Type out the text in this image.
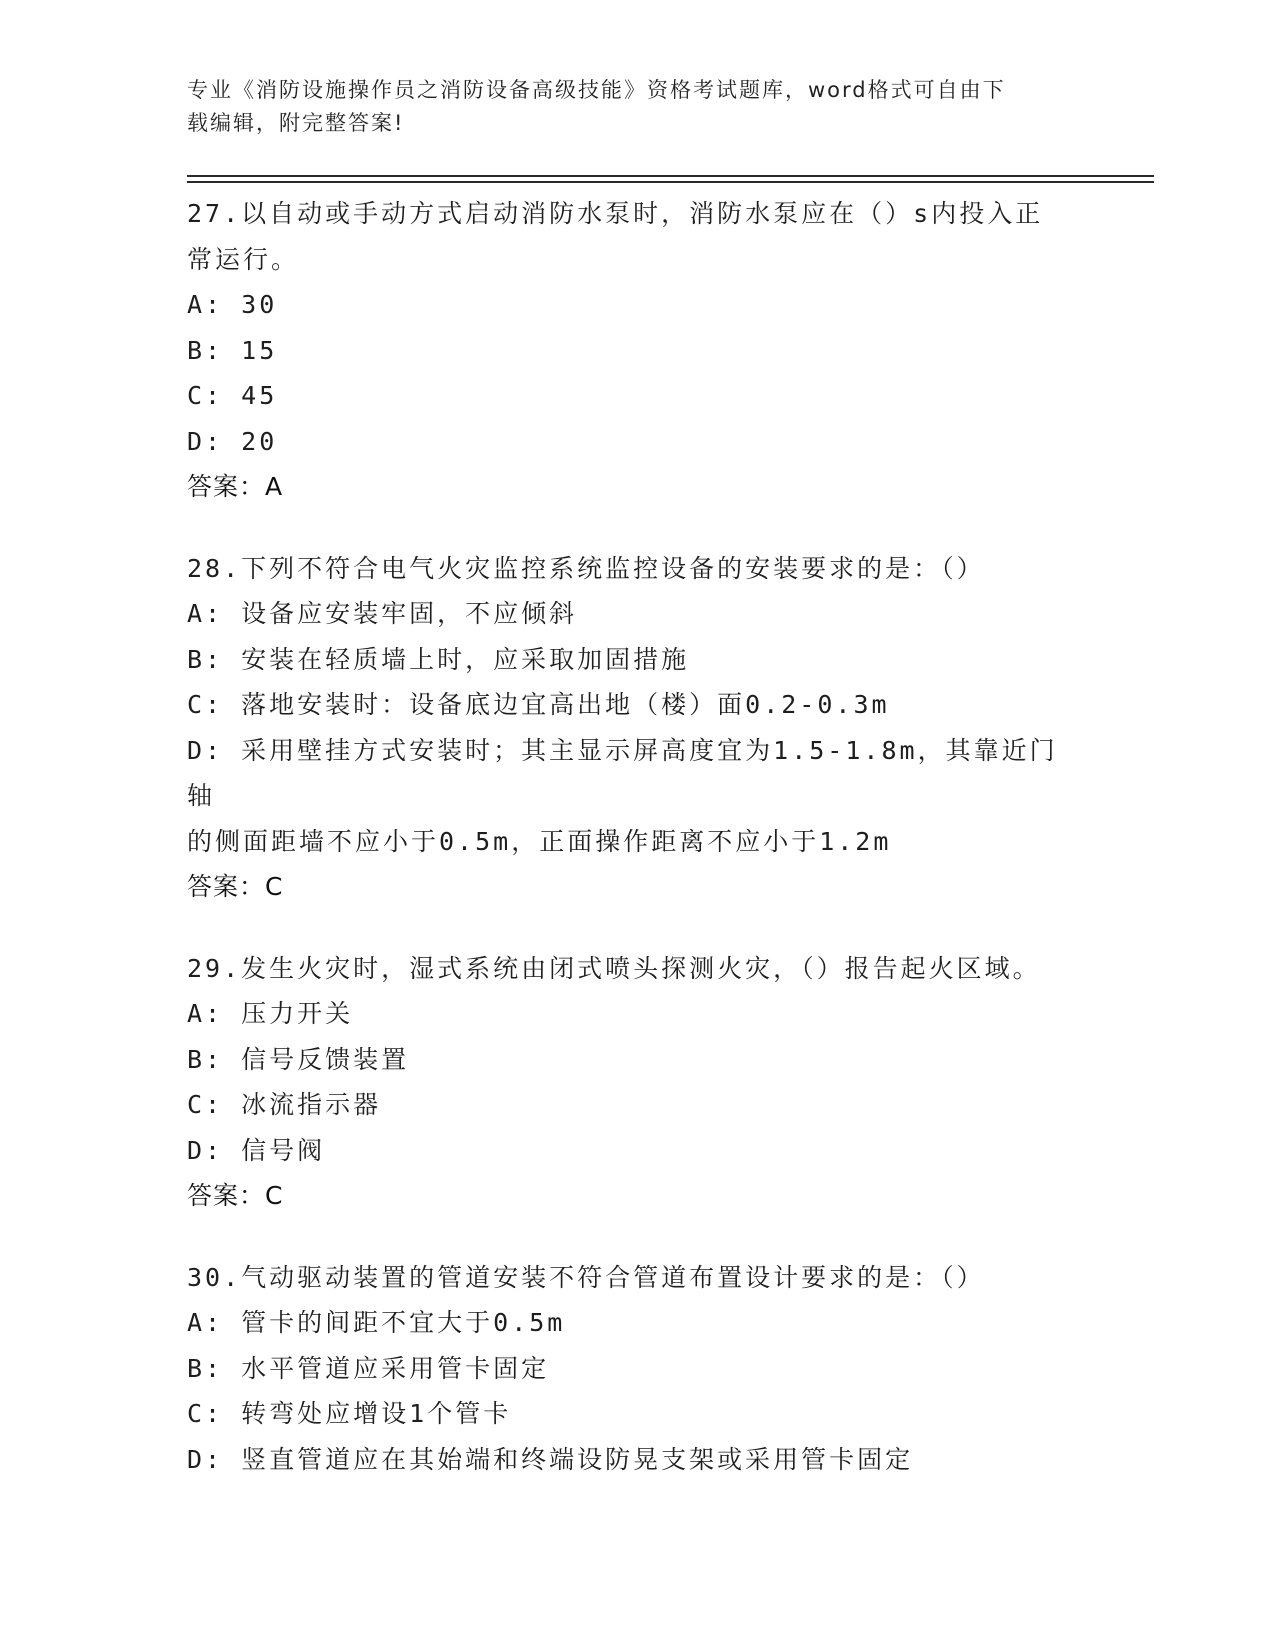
专业《消防设施操作员之消防设备高级技能》资格考试题库，word格式可自由下
载编辑，附完整答案!
27.以自动或手动方式启动消防水泵时，消防水泵应在（）s内投入正
常运行。
A: 30
B: 15
C: 45
D: 20
答案：A
28.下列不符合电气火灾监控系统监控设备的安装要求的是：（）
A: 设备应安装牢固，不应倾斜
B: 安装在轻质墙上时，应采取加固措施
C: 落地安装时：设备底边宜高出地（楼）面0.2-0.3m
D: 采用壁挂方式安装时；其主显示屏高度宜为1.5-1.8m，其靠近门轴
的侧面距墙不应小于0.5m，正面操作距离不应小于1.2m
答案：C
29.发生火灾时，湿式系统由闭式喷头探测火灾，（）报告起火区域。
A: 压力开关
B: 信号反馈装置
C: 冰流指示器
D: 信号阀
答案：C
30.气动驱动装置的管道安装不符合管道布置设计要求的是：（）
A: 管卡的间距不宜大于0.5m
B: 水平管道应采用管卡固定
C: 转弯处应增设1个管卡
D: 竖直管道应在其始端和终端设防晃支架或采用管卡固定
